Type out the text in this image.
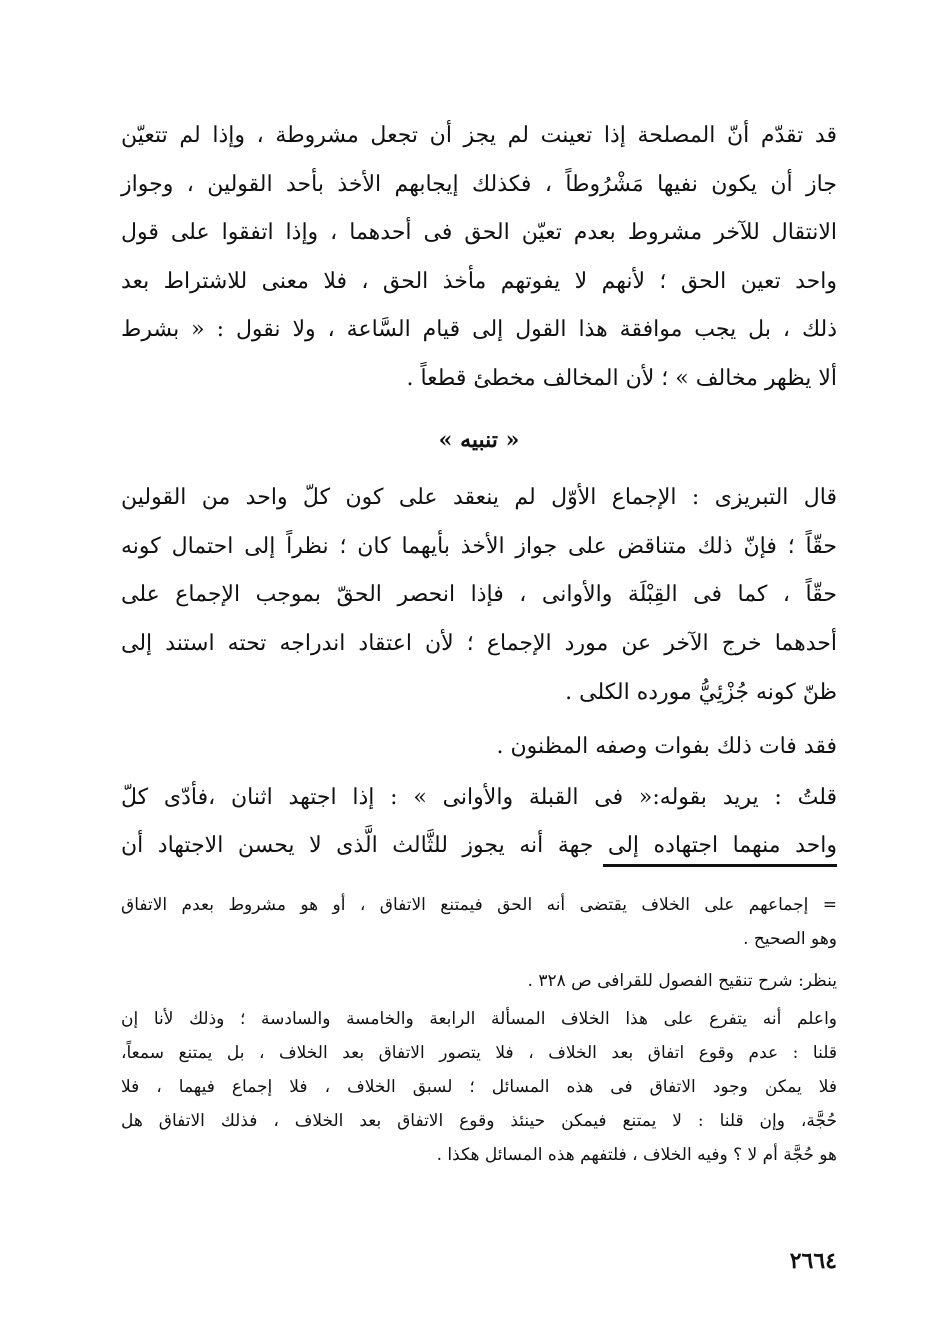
قد تقدّم أنّ المصلحة إذا تعينت لم يجز أن تجعل مشروطة ، وإذا لم تتعيّن
جاز أن يكون نفيها مَشْرُوطاً ، فكذلك إيجابهم الأخذ بأحد القولين ، وجواز
الانتقال للآخر مشروط بعدم تعيّن الحق فى أحدهما ، وإذا اتفقوا على قول
واحد تعين الحق ؛ لأنهم لا يفوتهم مأخذ الحق ، فلا معنى للاشتراط بعد
ذلك ، بل يجب موافقة هذا القول إلى قيام السَّاعة ، ولا نقول : « بشرط
ألا يظهر مخالف » ؛ لأن المخالف مخطئ قطعاً .
« تنبيه »
قال التبريزى : الإجماع الأوّل لم ينعقد على كون كلّ واحد من القولين
حقّاً ؛ فإنّ ذلك متناقض على جواز الأخذ بأيهما كان ؛ نظراً إلى احتمال كونه
حقّاً ، كما فى القِبْلَة والأوانى ، فإذا انحصر الحقّ بموجب الإجماع على
أحدهما خرج الآخر عن مورد الإجماع ؛ لأن اعتقاد اندراجه تحته استند إلى
ظنّ كونه جُزْئِيُّ مورده الكلى .
فقد فات ذلك بفوات وصفه المظنون .
قلتُ : يريد بقوله:« فى القبلة والأوانى » : إذا اجتهد اثنان ،فأدّى كلّ
واحد منهما اجتهاده إلى جهة أنه يجوز للثَّالث الَّذى لا يحسن الاجتهاد أن
= إجماعهم على الخلاف يقتضى أنه الحق فيمتنع الاتفاق ، أو هو مشروط بعدم الاتفاق
وهو الصحيح .
ينظر: شرح تنقيح الفصول للقرافى ص ٣٢٨ .
واعلم أنه يتفرع على هذا الخلاف المسألة الرابعة والخامسة والسادسة ؛ وذلك لأنا إن
قلنا : عدم وقوع اتفاق بعد الخلاف ، فلا يتصور الاتفاق بعد الخلاف ، بل يمتنع سمعاً،
فلا يمكن وجود الاتفاق فى هذه المسائل ؛ لسبق الخلاف ، فلا إجماع فيهما ، فلا
حُجَّة، وإن قلنا : لا يمتنع فيمكن حينئذ وقوع الاتفاق بعد الخلاف ، فذلك الاتفاق هل
هو حُجَّة أم لا ؟ وفيه الخلاف ، فلتفهم هذه المسائل هكذا .
٢٦٦٤
